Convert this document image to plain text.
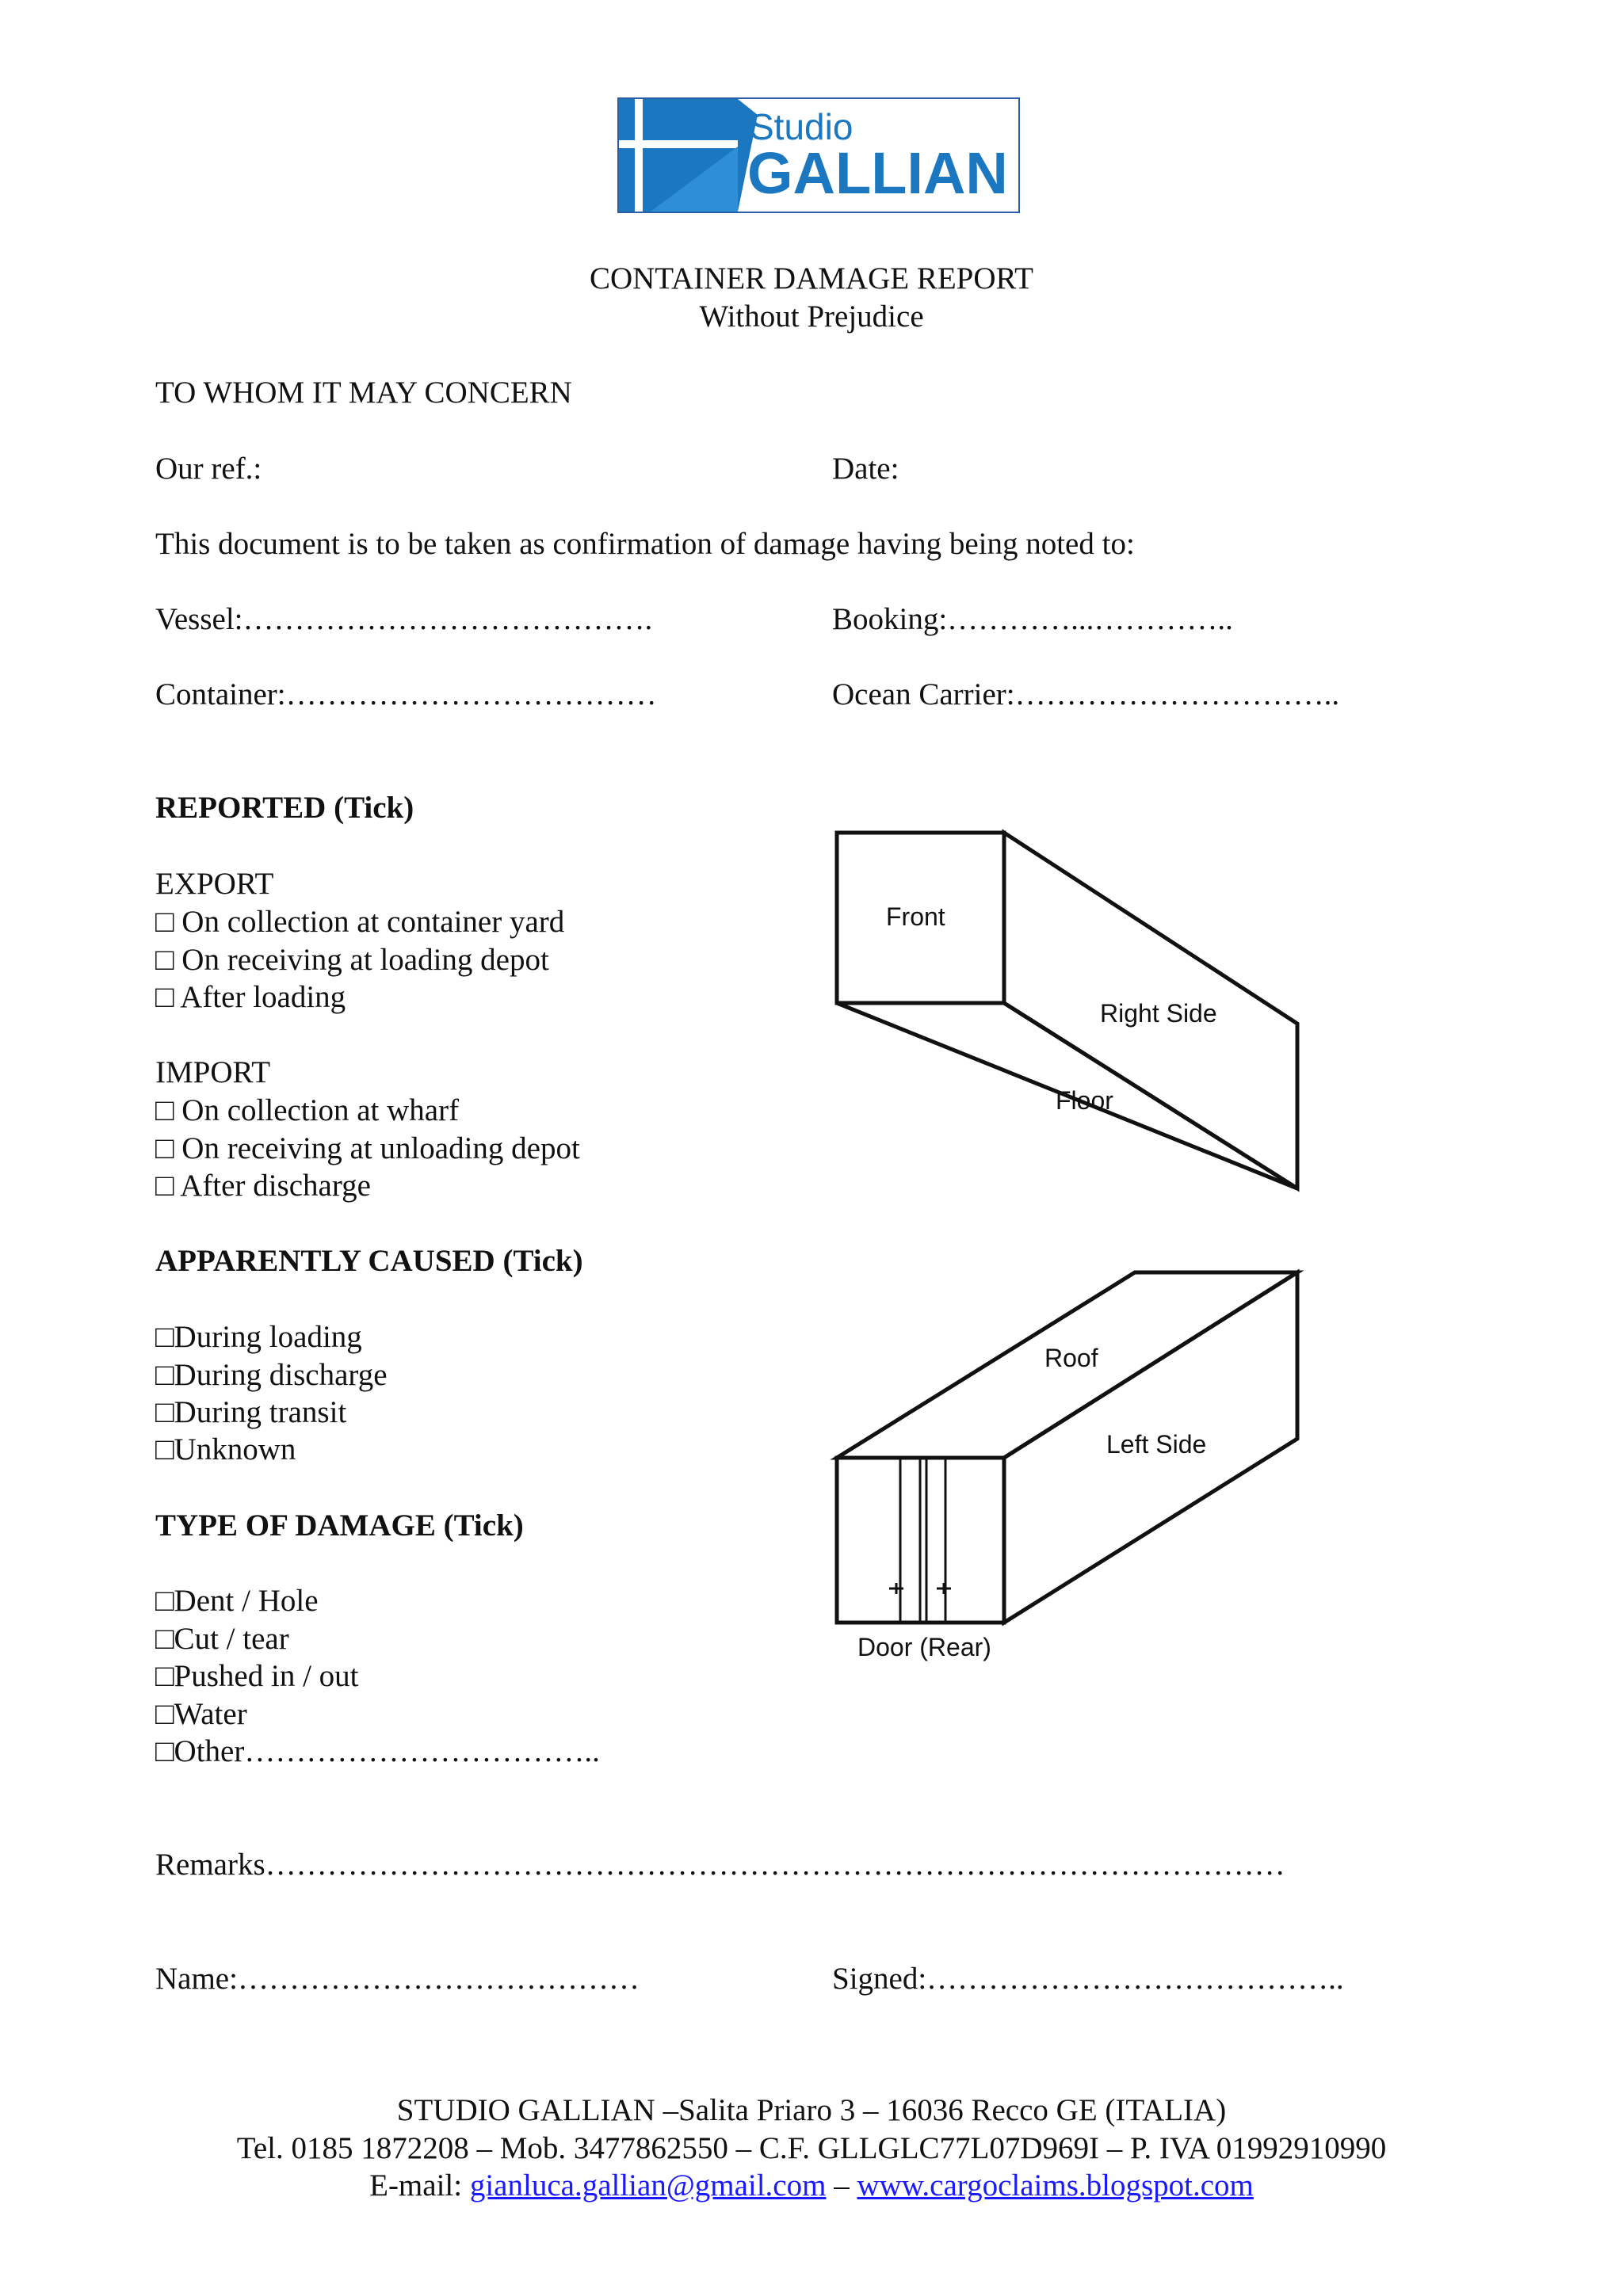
Studio
GALLIAN
CONTAINER DAMAGE REPORT
Without Prejudice
TO WHOM IT MAY CONCERN
Our ref.:	Date:
This document is to be taken as confirmation of damage having being noted to:
Vessel:………………………………….	Booking:…………...…………..
Container:………………………………	Ocean Carrier:…………………………..
REPORTED (Tick)
EXPORT
□ On collection at container yard
□ On receiving at loading depot
□ After loading
IMPORT
□ On collection at wharf
□ On receiving at unloading depot
□ After discharge
APPARENTLY CAUSED (Tick)
□During loading
□During discharge
□During transit
□Unknown
TYPE OF DAMAGE (Tick)
□Dent / Hole
□Cut / tear
□Pushed in / out
□Water
□Other……………………………..
Front
Right Side
Floor
Roof
Left Side
Door (Rear)
Remarks………………………………………………………………………………………
Name:…………………………………	Signed:…………………………………..
STUDIO GALLIAN –Salita Priaro 3 – 16036 Recco GE (ITALIA)
Tel. 0185 1872208 – Mob. 3477862550 – C.F. GLLGLC77L07D969I – P. IVA 01992910990
E-mail: gianluca.gallian@gmail.com – www.cargoclaims.blogspot.com
